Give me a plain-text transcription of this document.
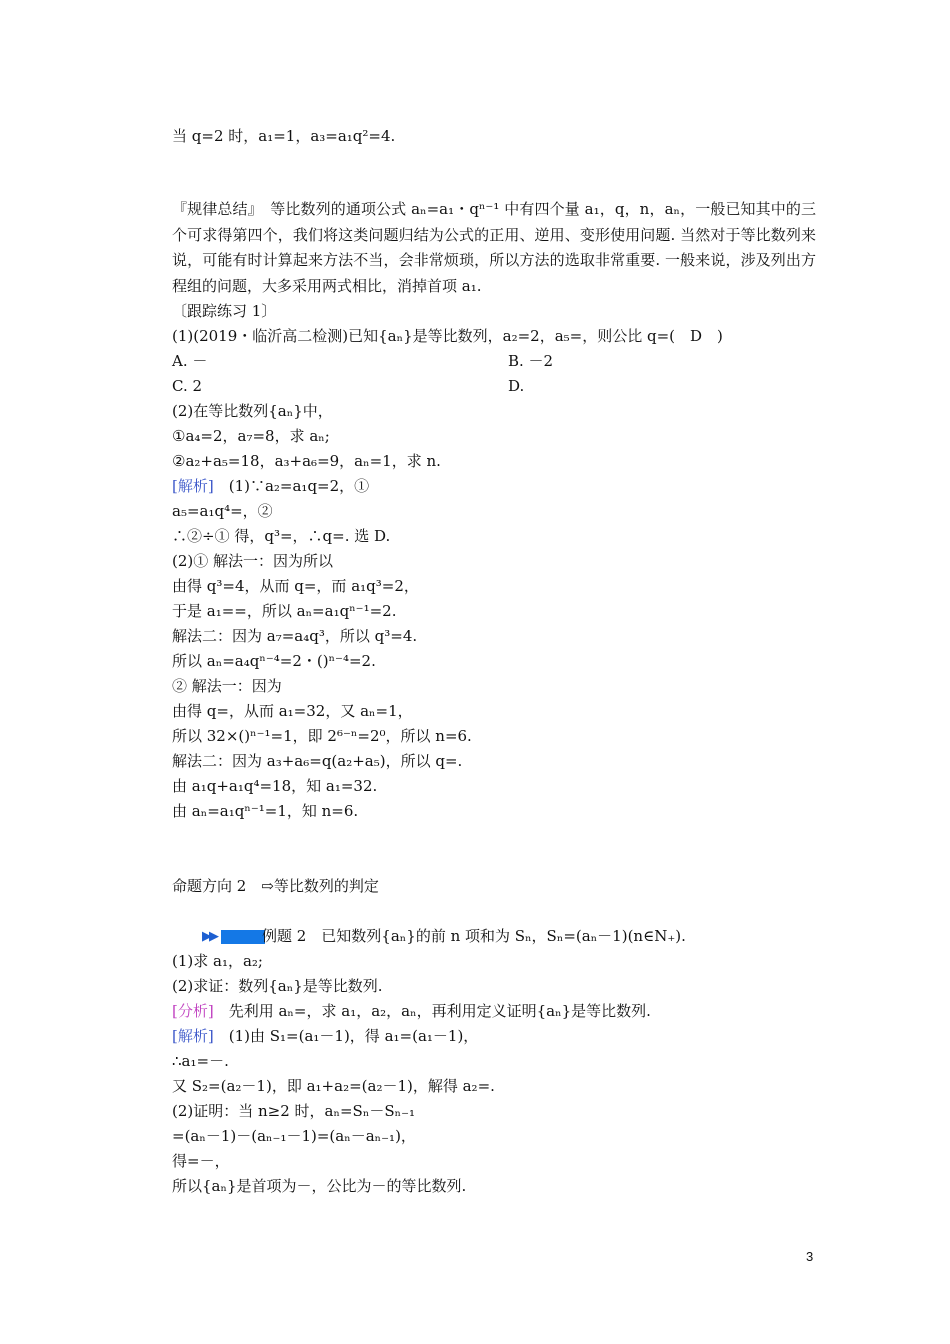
当 q=2 时，a₁=1，a₃=a₁q²=4.
『规律总结』　等比数列的通项公式 aₙ=a₁・qⁿ⁻¹ 中有四个量 a₁，q，n，aₙ，一般已知其中的三个可求得第四个，我们将这类问题归结为公式的正用、逆用、变形使用问题. 当然对于等比数列来说，可能有时计算起来方法不当，会非常烦琐，所以方法的选取非常重要. 一般来说，涉及列出方程组的问题，大多采用两式相比，消掉首项 a₁.
〔跟踪练习 1〕
(1)(2019・临沂高二检测)已知{aₙ}是等比数列，a₂=2，a₅=，则公比 q=(　D　)
A. －	B. －2
C. 2	D.
(2)在等比数列{aₙ}中，
①a₄=2，a₇=8，求 aₙ;
②a₂+a₅=18，a₃+a₆=9，aₙ=1，求 n.
[解析]　(1)∵a₂=a₁q=2，①
a₅=a₁q⁴=，②
∴②÷① 得，q³=，∴q=. 选 D.
(2)① 解法一：因为所以
由得 q³=4，从而 q=，而 a₁q³=2，
于是 a₁==，所以 aₙ=a₁qⁿ⁻¹=2.
解法二：因为 a₇=a₄q³，所以 q³=4.
所以 aₙ=a₄qⁿ⁻⁴=2・()ⁿ⁻⁴=2.
② 解法一：因为
由得 q=，从而 a₁=32，又 aₙ=1，
所以 32×()ⁿ⁻¹=1，即 2⁶⁻ⁿ=2⁰，所以 n=6.
解法二：因为 a₃+a₆=q(a₂+a₅)，所以 q=.
由 a₁q+a₁q⁴=18，知 a₁=32.
由 aₙ=a₁qⁿ⁻¹=1，知 n=6.
命题方向 2　⇨等比数列的判定
▶▶	例题 2　已知数列{aₙ}的前 n 项和为 Sₙ，Sₙ=(aₙ－1)(n∈N₊).
(1)求 a₁，a₂;
(2)求证：数列{aₙ}是等比数列.
[分析]　先利用 aₙ=，求 a₁，a₂，aₙ，再利用定义证明{aₙ}是等比数列.
[解析]　(1)由 S₁=(a₁－1)，得 a₁=(a₁－1)，
∴a₁=－.
又 S₂=(a₂－1)，即 a₁+a₂=(a₂－1)，解得 a₂=.
(2)证明：当 n≥2 时，aₙ=Sₙ－Sₙ₋₁
=(aₙ－1)－(aₙ₋₁－1)=(aₙ－aₙ₋₁)，
得=－，
所以{aₙ}是首项为－，公比为－的等比数列.
3
